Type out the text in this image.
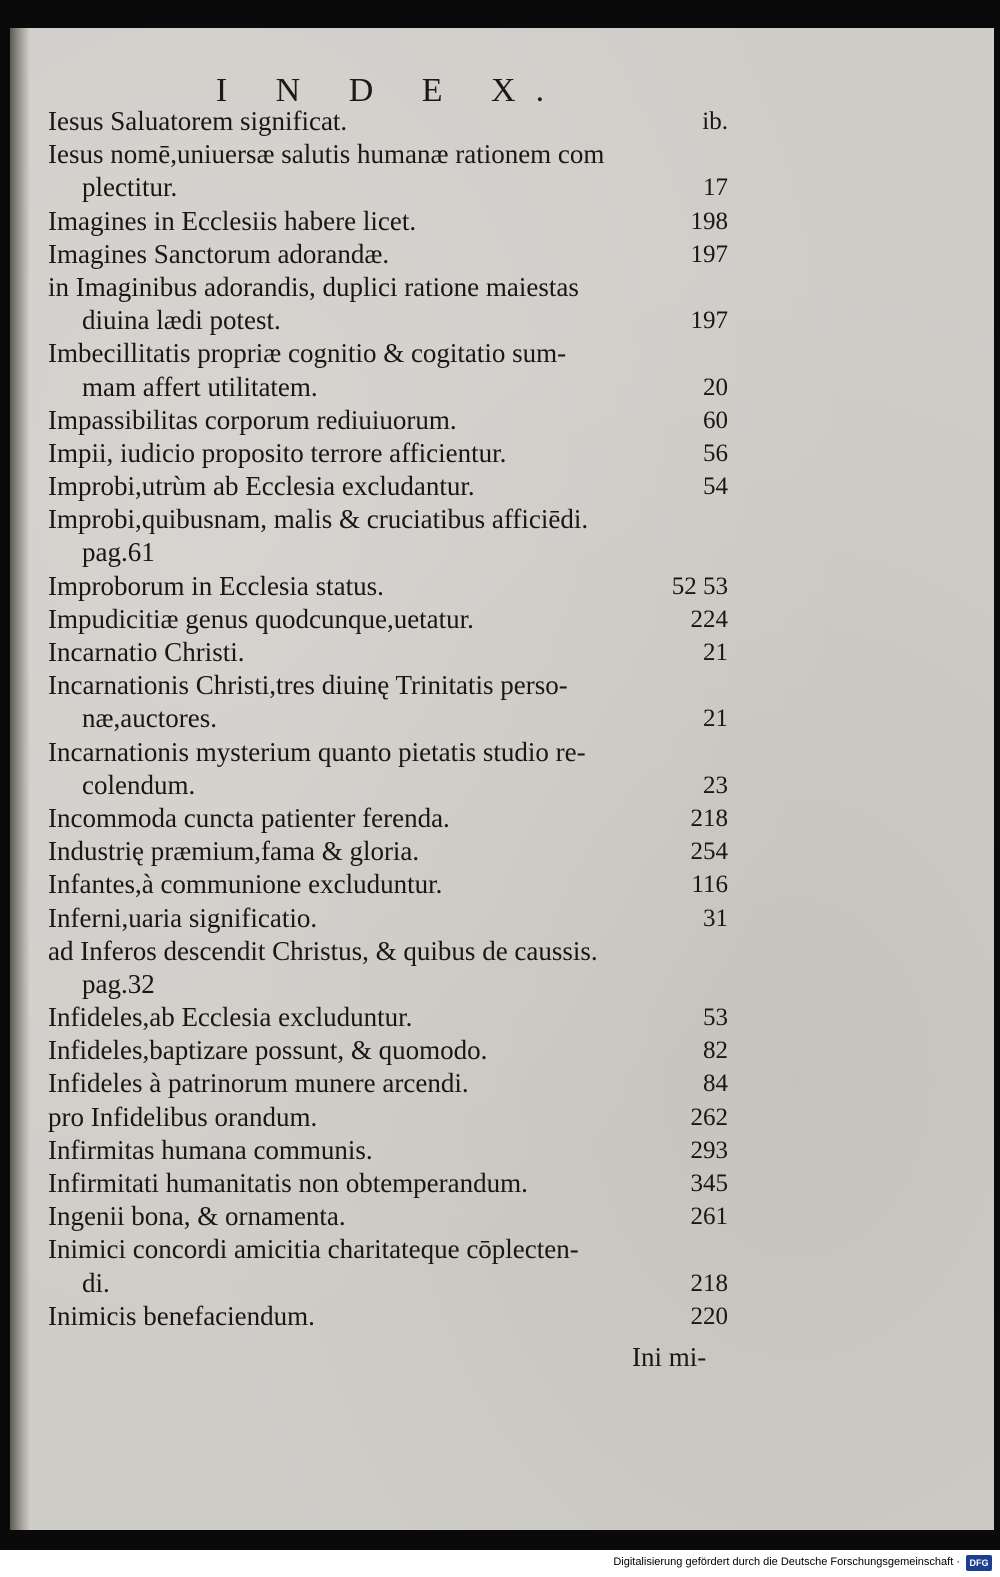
I N D E X.
Iesus Saluatorem significat.	ib.
Iesus nomē,uniuersæ salutis humanæ rationem com
plectitur.	17
Imagines in Ecclesiis habere licet.	198
Imagines Sanctorum adorandæ.	197
in Imaginibus adorandis, duplici ratione maiestas
diuina lædi potest.	197
Imbecillitatis propriæ cognitio & cogitatio sum-
mam affert utilitatem.	20
Impassibilitas corporum rediuiuorum.	60
Impii, iudicio proposito terrore afficientur.	56
Improbi,utrùm ab Ecclesia excludantur.	54
Improbi,quibusnam, malis & cruciatibus afficiēdi.
pag.61
Improborum in Ecclesia status.	52 53
Impudicitiæ genus quodcunque,uetatur.	224
Incarnatio Christi.	21
Incarnationis Christi,tres diuinę Trinitatis perso-
næ,auctores.	21
Incarnationis mysterium quanto pietatis studio re-
colendum.	23
Incommoda cuncta patienter ferenda.	218
Industrię præmium,fama & gloria.	254
Infantes,à communione excluduntur.	116
Inferni,uaria significatio.	31
ad Inferos descendit Christus, & quibus de caussis.
pag.32
Infideles,ab Ecclesia excluduntur.	53
Infideles,baptizare possunt, & quomodo.	82
Infideles à patrinorum munere arcendi.	84
pro Infidelibus orandum.	262
Infirmitas humana communis.	293
Infirmitati humanitatis non obtemperandum.	345
Ingenii bona, & ornamenta.	261
Inimici concordi amicitia charitateque cōplecten-
di.	218
Inimicis benefaciendum.	220
Ini mi-
Digitalisierung gefördert durch die Deutsche Forschungsgemeinschaft ·	DFG
